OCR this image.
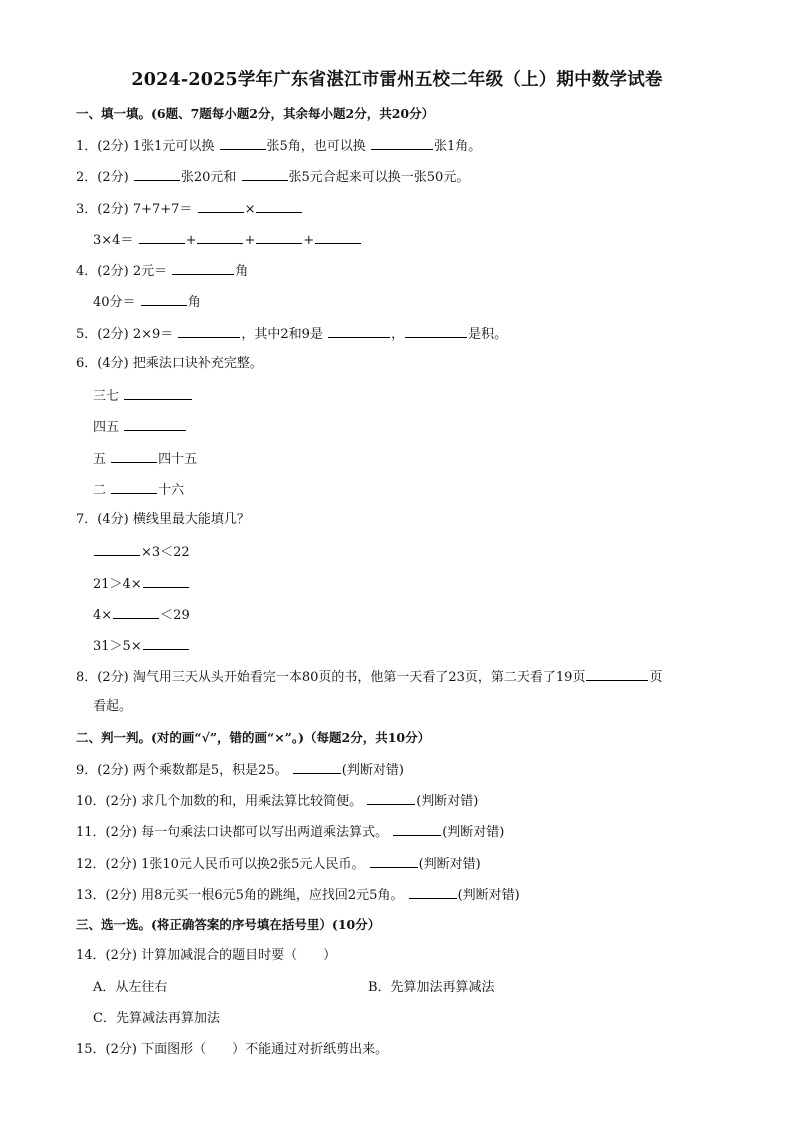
2024-2025学年广东省湛江市雷州五校二年级（上）期中数学试卷
一、填一填。(6题、7题每小题2分，其余每小题2分，共20分）
1．(2分) 1张1元可以换	张5角，也可以换	张1角。
2．(2分)	张20元和	张5元合起来可以换一张50元。
3．(2分) 7+7+7＝	×
3×4＝	+	+	+
4．(2分) 2元＝	角
40分＝	角
5．(2分) 2×9＝	，其中2和9是	，	是积。
6．(4分) 把乘法口诀补充完整。
三七
四五
五	四十五
二	十六
7．(4分) 横线里最大能填几？
×3＜22
21＞4×
4×	＜29
31＞5×
8．(2分) 淘气用三天从头开始看完一本80页的书，他第一天看了23页，第二天看了19页	页
看起。
二、判一判。(对的画“√”，错的画“×”。)（每题2分，共10分）
9．(2分) 两个乘数都是5，积是25。	(判断对错)
10．(2分) 求几个加数的和，用乘法算比较简便。	(判断对错)
11．(2分) 每一句乘法口诀都可以写出两道乘法算式。	(判断对错)
12．(2分) 1张10元人民币可以换2张5元人民币。	(判断对错)
13．(2分) 用8元买一根6元5角的跳绳，应找回2元5角。	(判断对错)
三、选一选。(将正确答案的序号填在括号里）(10分）
14．(2分) 计算加减混合的题目时要（　　）
A．从左往右	B．先算加法再算减法
C．先算减法再算加法
15．(2分) 下面图形（　　）不能通过对折纸剪出来。
